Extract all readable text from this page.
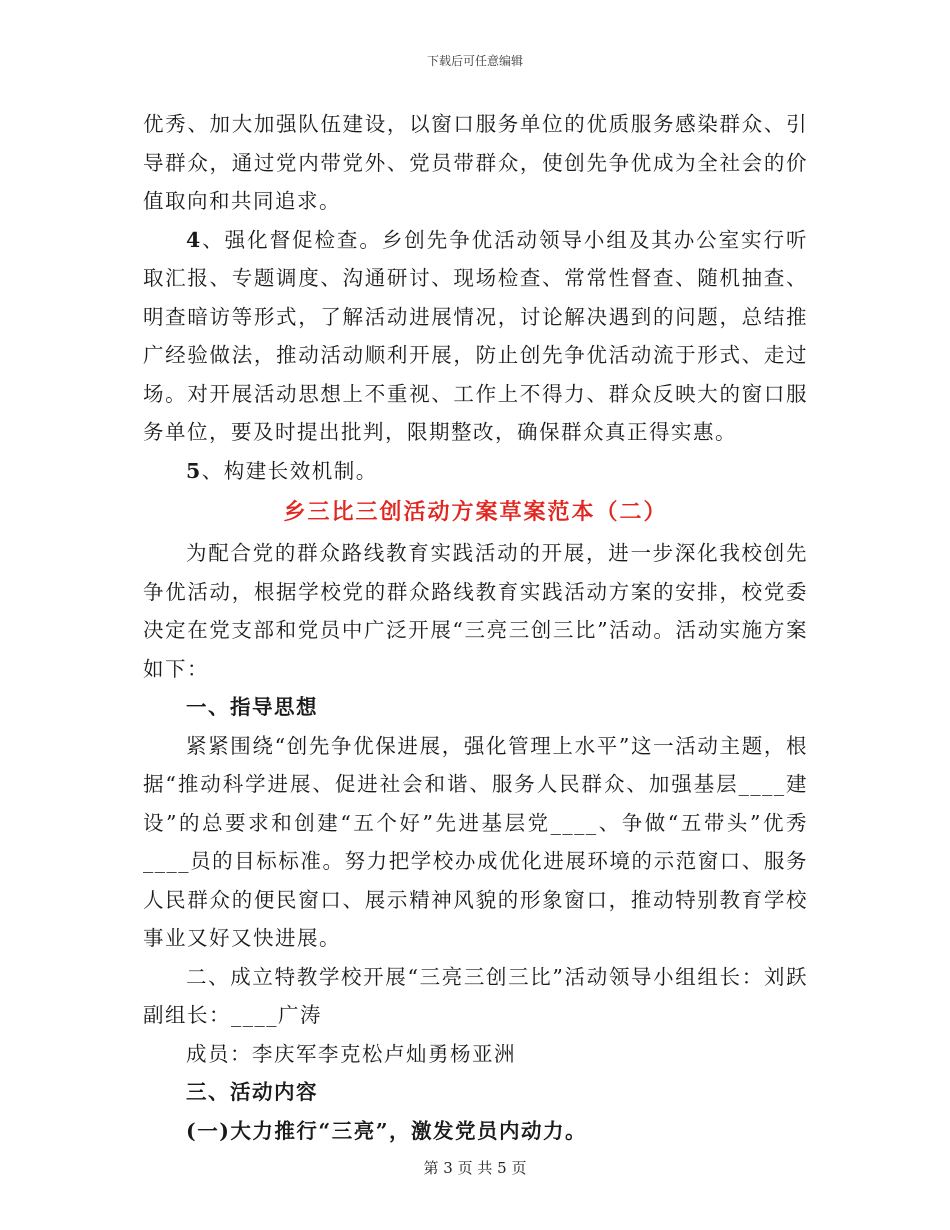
下载后可任意编辑

优秀、加大加强队伍建设，以窗口服务单位的优质服务感染群众、引导群众，通过党内带党外、党员带群众，使创先争优成为全社会的价值取向和共同追求。

4、强化督促检查。乡创先争优活动领导小组及其办公室实行听取汇报、专题调度、沟通研讨、现场检查、常常性督查、随机抽查、明查暗访等形式，了解活动进展情况，讨论解决遇到的问题，总结推广经验做法，推动活动顺利开展，防止创先争优活动流于形式、走过场。对开展活动思想上不重视、工作上不得力、群众反映大的窗口服务单位，要及时提出批判，限期整改，确保群众真正得实惠。

5、构建长效机制。

乡三比三创活动方案草案范本（二）

为配合党的群众路线教育实践活动的开展，进一步深化我校创先争优活动，根据学校党的群众路线教育实践活动方案的安排，校党委决定在党支部和党员中广泛开展“三亮三创三比”活动。活动实施方案如下：

一、指导思想

紧紧围绕“创先争优保进展，强化管理上水平”这一活动主题，根据“推动科学进展、促进社会和谐、服务人民群众、加强基层____建设”的总要求和创建“五个好”先进基层党____、争做“五带头”优秀____员的目标标准。努力把学校办成优化进展环境的示范窗口、服务人民群众的便民窗口、展示精神风貌的形象窗口，推动特别教育学校事业又好又快进展。

二、成立特教学校开展“三亮三创三比”活动领导小组组长：刘跃副组长：____广涛

成员：李庆军李克松卢灿勇杨亚洲

三、活动内容

(一)大力推行“三亮”，激发党员内动力。

第 3 页 共 5 页
